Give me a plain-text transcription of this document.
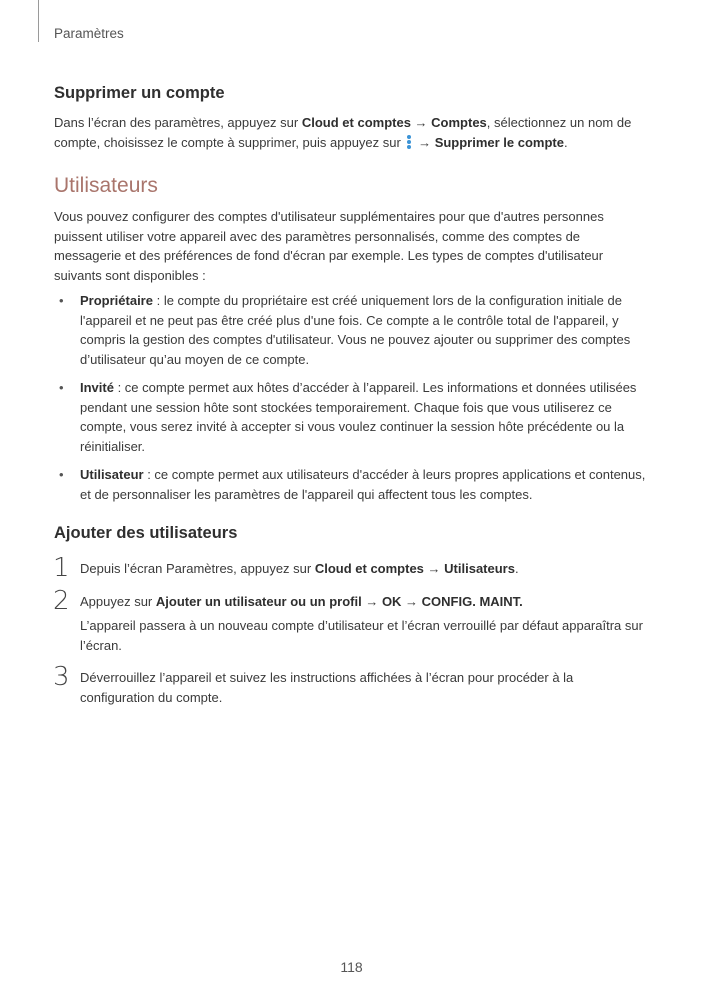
Paramètres
Supprimer un compte

Dans l’écran des paramètres, appuyez sur Cloud et comptes → Comptes, sélectionnez un nom de compte, choisissez le compte à supprimer, puis appuyez sur
→ Supprimer le compte.

Utilisateurs

Vous pouvez configurer des comptes d'utilisateur supplémentaires pour que d'autres personnes puissent utiliser votre appareil avec des paramètres personnalisés, comme des comptes de messagerie et des préférences de fond d'écran par exemple. Les types de comptes d'utilisateur suivants sont disponibles :

• Propriétaire : le compte du propriétaire est créé uniquement lors de la configuration initiale de l'appareil et ne peut pas être créé plus d'une fois. Ce compte a le contrôle total de l'appareil, y compris la gestion des comptes d'utilisateur. Vous ne pouvez ajouter ou supprimer des comptes d’utilisateur qu’au moyen de ce compte.

• Invité : ce compte permet aux hôtes d’accéder à l’appareil. Les informations et données utilisées pendant une session hôte sont stockées temporairement. Chaque fois que vous utiliserez ce compte, vous serez invité à accepter si vous voulez continuer la session hôte précédente ou la réinitialiser.

• Utilisateur : ce compte permet aux utilisateurs d'accéder à leurs propres applications et contenus, et de personnaliser les paramètres de l'appareil qui affectent tous les comptes.

Ajouter des utilisateurs
1 Depuis l’écran Paramètres, appuyez sur Cloud et comptes → Utilisateurs.

2 Appuyez sur Ajouter un utilisateur ou un profil → OK → CONFIG. MAINT.

L’appareil passera à un nouveau compte d’utilisateur et l’écran verrouillé par défaut apparaîtra sur l’écran.

3 Déverrouillez l’appareil et suivez les instructions affichées à l’écran pour procéder à la configuration du compte.

118
